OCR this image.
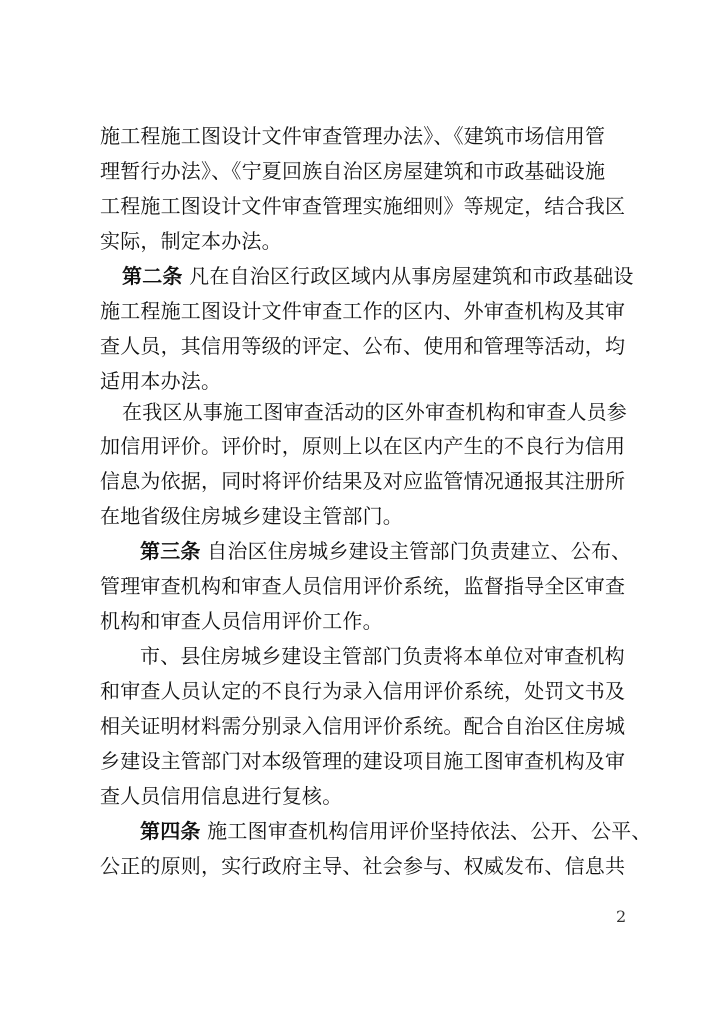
施工程施工图设计文件审查管理办法》、《建筑市场信用管
理暂行办法》、《宁夏回族自治区房屋建筑和市政基础设施
工程施工图设计文件审查管理实施细则》等规定，结合我区
实际，制定本办法。
第二条 凡在自治区行政区域内从事房屋建筑和市政基础设
施工程施工图设计文件审查工作的区内、外审查机构及其审
查人员，其信用等级的评定、公布、使用和管理等活动，均
适用本办法。
在我区从事施工图审查活动的区外审查机构和审查人员参
加信用评价。评价时，原则上以在区内产生的不良行为信用
信息为依据，同时将评价结果及对应监管情况通报其注册所
在地省级住房城乡建设主管部门。
第三条 自治区住房城乡建设主管部门负责建立、公布、
管理审查机构和审查人员信用评价系统，监督指导全区审查
机构和审查人员信用评价工作。
市、县住房城乡建设主管部门负责将本单位对审查机构
和审查人员认定的不良行为录入信用评价系统，处罚文书及
相关证明材料需分别录入信用评价系统。配合自治区住房城
乡建设主管部门对本级管理的建设项目施工图审查机构及审
查人员信用信息进行复核。
第四条 施工图审查机构信用评价坚持依法、公开、公平、
公正的原则，实行政府主导、社会参与、权威发布、信息共
2
